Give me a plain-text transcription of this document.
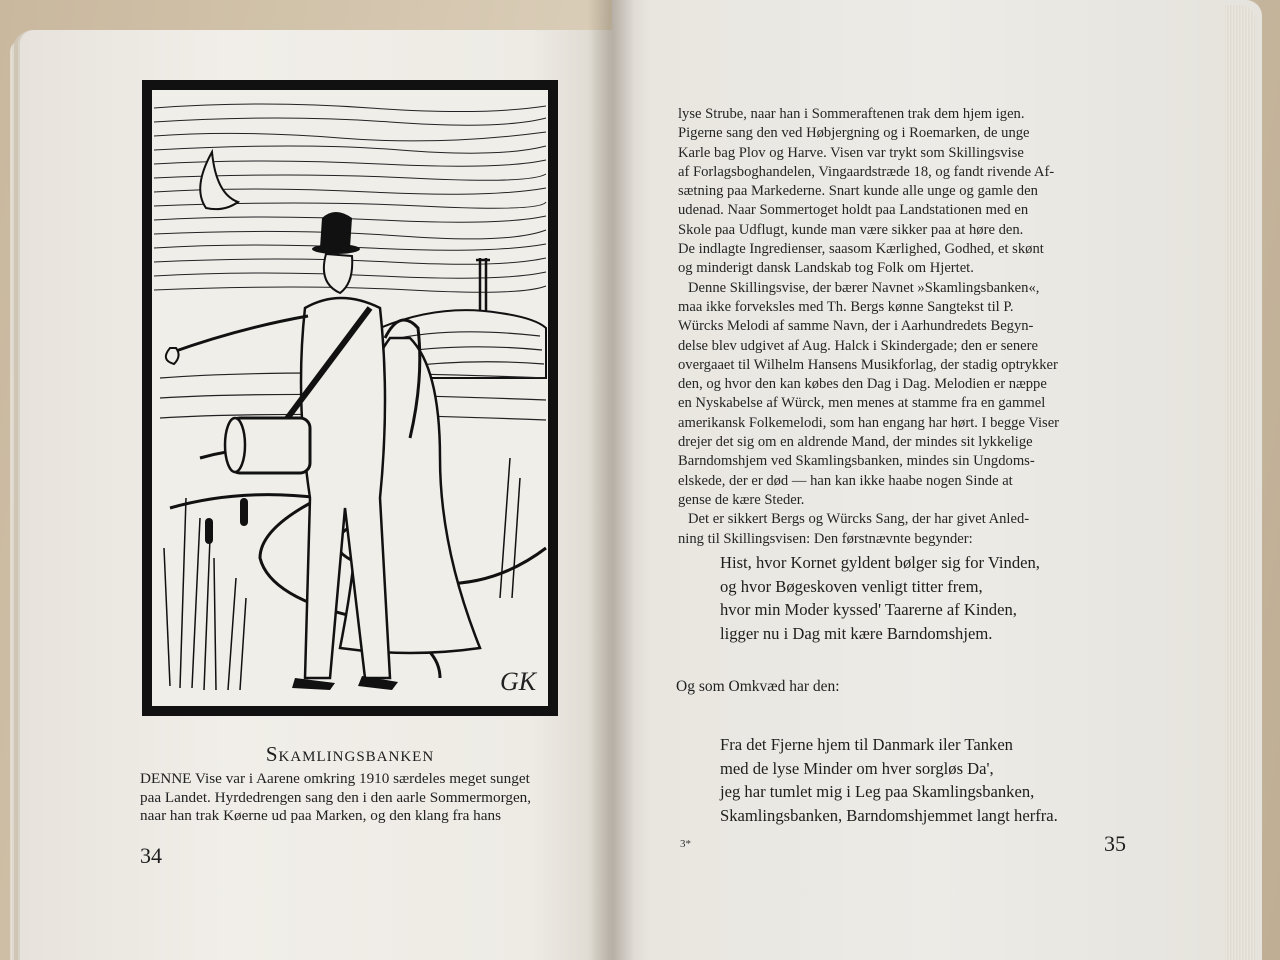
GK
Skamlingsbanken
DENNE Vise var i Aarene omkring 1910 særdeles meget sunget
paa Landet. Hyrdedrengen sang den i den aarle Sommermorgen,
naar han trak Køerne ud paa Marken, og den klang fra hans
34
lyse Strube, naar han i Sommeraftenen trak dem hjem igen.
Pigerne sang den ved Høbjergning og i Roemarken, de unge
Karle bag Plov og Harve. Visen var trykt som Skillingsvise
af Forlagsboghandelen, Vingaardstræde 18, og fandt rivende Af-
sætning paa Markederne. Snart kunde alle unge og gamle den
udenad. Naar Sommertoget holdt paa Landstationen med en
Skole paa Udflugt, kunde man være sikker paa at høre den.
De indlagte Ingredienser, saasom Kærlighed, Godhed, et skønt
og minderigt dansk Landskab tog Folk om Hjertet.
Denne Skillingsvise, der bærer Navnet »Skamlingsbanken«,
maa ikke forveksles med Th. Bergs kønne Sangtekst til P.
Würcks Melodi af samme Navn, der i Aarhundredets Begyn-
delse blev udgivet af Aug. Halck i Skindergade; den er senere
overgaaet til Wilhelm Hansens Musikforlag, der stadig optrykker
den, og hvor den kan købes den Dag i Dag. Melodien er næppe
en Nyskabelse af Würck, men menes at stamme fra en gammel
amerikansk Folkemelodi, som han engang har hørt. I begge Viser
drejer det sig om en aldrende Mand, der mindes sit lykkelige
Barndomshjem ved Skamlingsbanken, mindes sin Ungdoms-
elskede, der er død — han kan ikke haabe nogen Sinde at
gense de kære Steder.
Det er sikkert Bergs og Würcks Sang, der har givet Anled-
ning til Skillingsvisen: Den førstnævnte begynder:
Hist, hvor Kornet gyldent bølger sig for Vinden,
og hvor Bøgeskoven venligt titter frem,
hvor min Moder kyssed' Taarerne af Kinden,
ligger nu i Dag mit kære Barndomshjem.
Og som Omkvæd har den:
Fra det Fjerne hjem til Danmark iler Tanken
med de lyse Minder om hver sorgløs Da',
jeg har tumlet mig i Leg paa Skamlingsbanken,
Skamlingsbanken, Barndomshjemmet langt herfra.
3*	35
